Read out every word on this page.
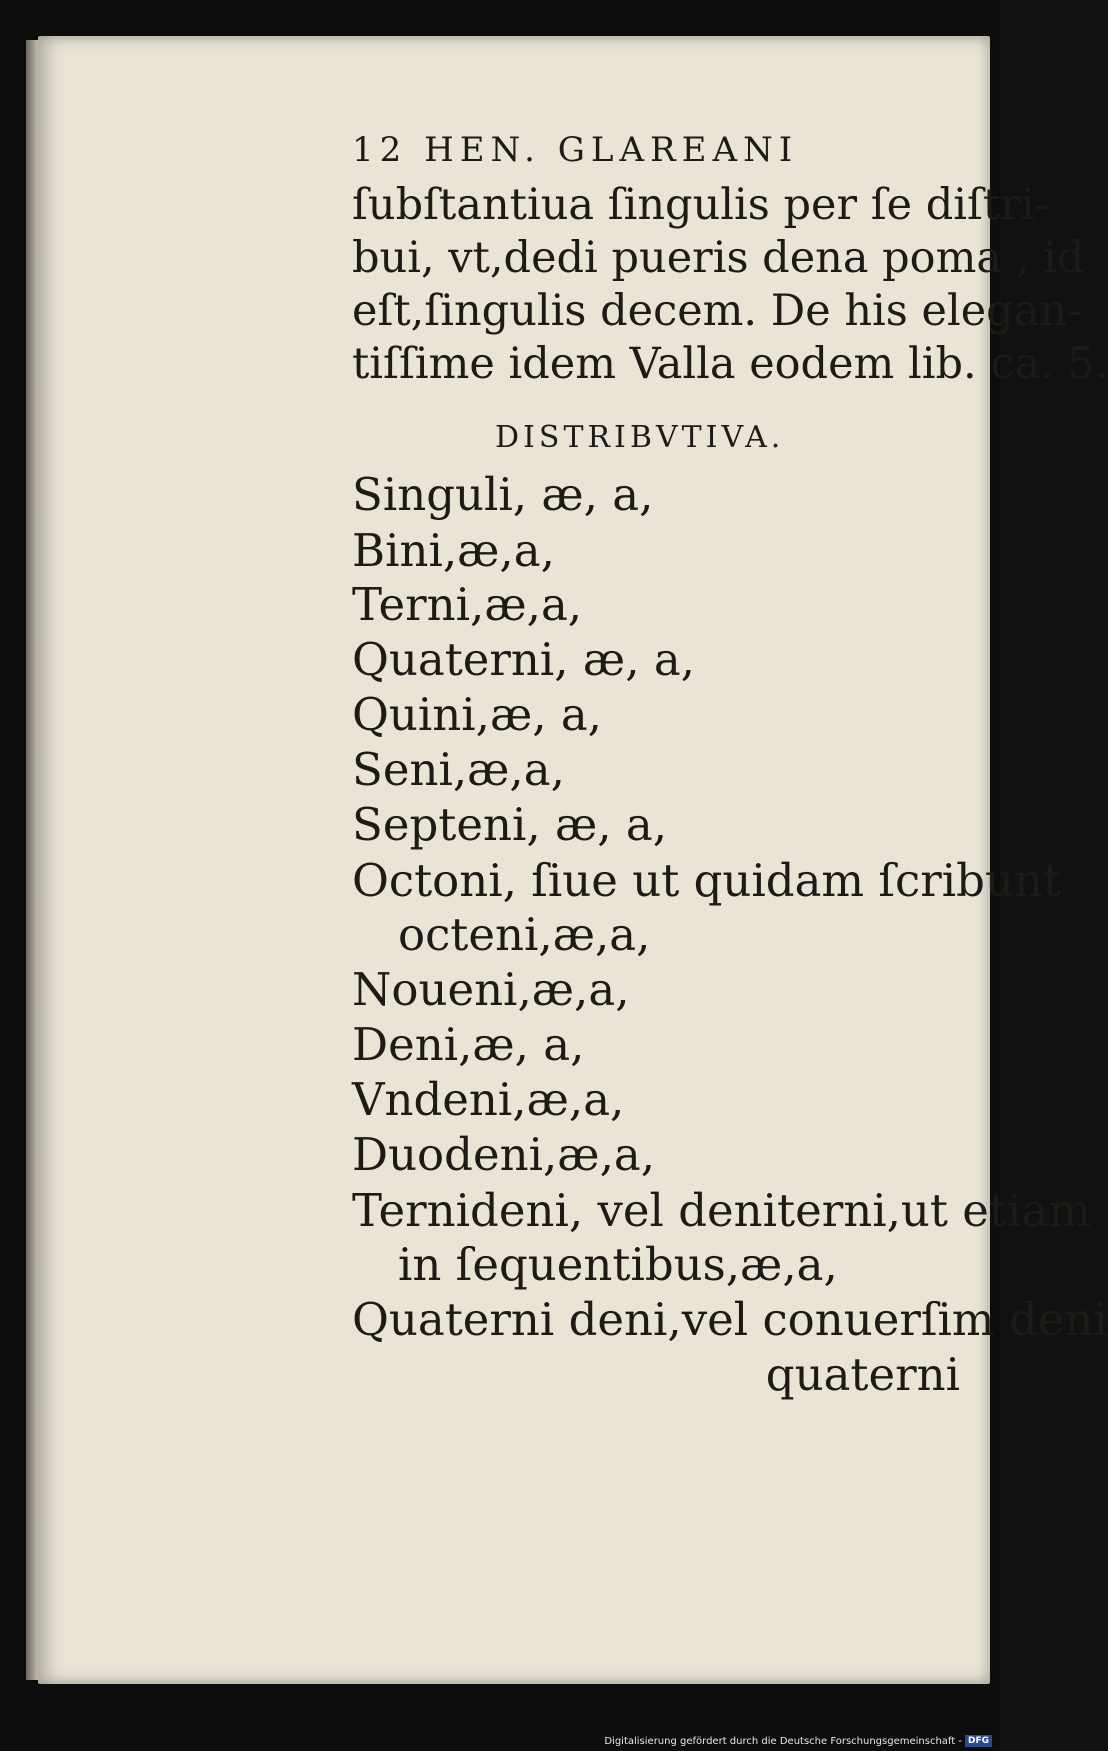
12 HEN. GLAREANI
ſubſtantiua ſingulis per ſe diſtri-
bui, vt,dedi pueris dena poma , id
eſt,ſingulis decem. De his elegan-
tiſſime idem Valla eodem lib. ca. 5.
DISTRIBVTIVA.
Singuli, æ, a,
Bini,æ,a,
Terni,æ,a,
Quaterni, æ, a,
Quini,æ, a,
Seni,æ,a,
Septeni, æ, a,
Octoni, ſiue ut quidam ſcribunt
octeni,æ,a,
Noueni,æ,a,
Deni,æ, a,
Vndeni,æ,a,
Duodeni,æ,a,
Ternideni, vel deniterni,ut etiam
in ſequentibus,æ,a,
Quaterni deni,vel conuerſim deni
quaterni
Digitalisierung gefördert durch die Deutsche Forschungsgemeinschaft - DFG
